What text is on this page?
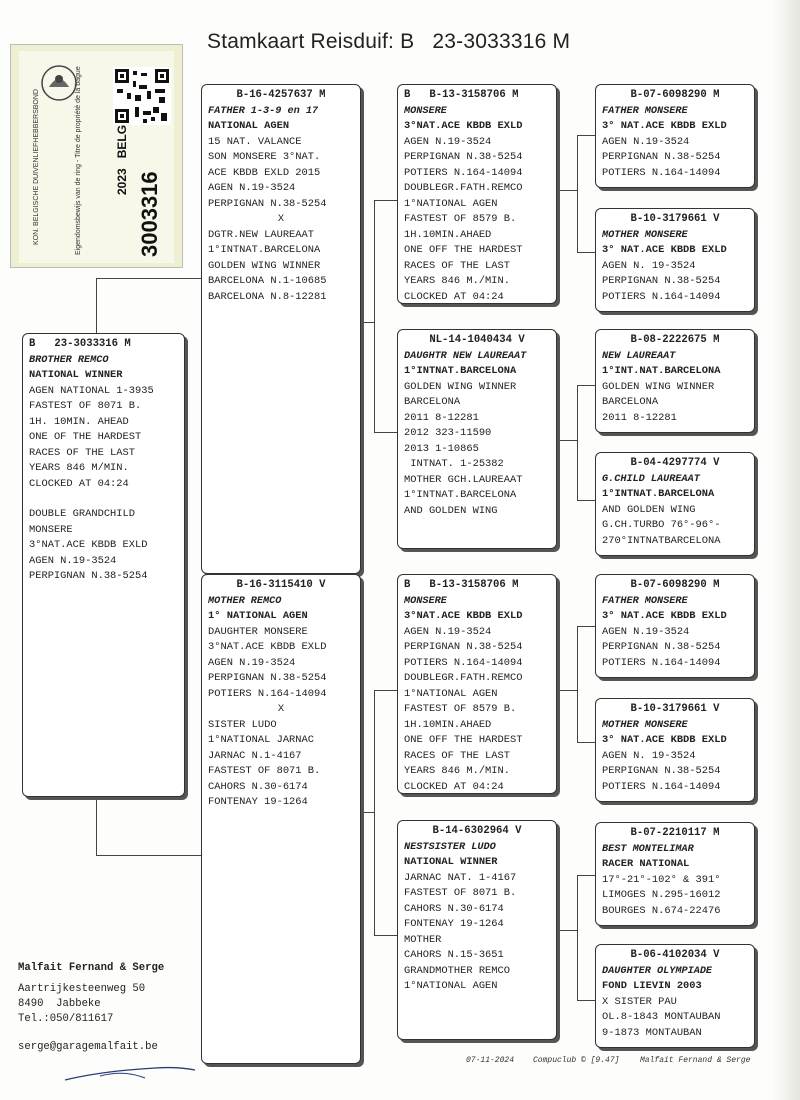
Stamkaart Reisduif: B   23-3033316 M
KON. BELGISCHE DUIVENLIEFHEBBERSBOND	Eigendomsbewijs van de ring - Titre de propriété de la bague	2023   BELG
3003316
B   23-3033316 M
BROTHER REMCO
NATIONAL WINNER
AGEN NATIONAL 1-3935
FASTEST OF 8071 B.
1H. 10MIN. AHEAD
ONE OF THE HARDEST
RACES OF THE LAST
YEARS 846 M/MIN.
CLOCKED AT 04:24
DOUBLE GRANDCHILD
MONSERE
3°NAT.ACE KBDB EXLD
AGEN N.19-3524
PERPIGNAN N.38-5254
B-16-4257637 M
FATHER 1-3-9 en 17
NATIONAL AGEN
15 NAT. VALANCE
SON MONSERE 3°NAT.
ACE KBDB EXLD 2015
AGEN N.19-3524
PERPIGNAN N.38-5254
X
DGTR.NEW LAUREAAT
1°INTNAT.BARCELONA
GOLDEN WING WINNER
BARCELONA N.1-10685
BARCELONA N.8-12281
B-16-3115410 V
MOTHER REMCO
1° NATIONAL AGEN
DAUGHTER MONSERE
3°NAT.ACE KBDB EXLD
AGEN N.19-3524
PERPIGNAN N.38-5254
POTIERS N.164-14094
X
SISTER LUDO
1°NATIONAL JARNAC
JARNAC N.1-4167
FASTEST OF 8071 B.
CAHORS N.30-6174
FONTENAY 19-1264
B   B-13-3158706 M
MONSERE
3°NAT.ACE KBDB EXLD
AGEN N.19-3524
PERPIGNAN N.38-5254
POTIERS N.164-14094
DOUBLEGR.FATH.REMCO
1°NATIONAL AGEN
FASTEST OF 8579 B.
1H.10MIN.AHAED
ONE OFF THE HARDEST
RACES OF THE LAST
YEARS 846 M./MIN.
CLOCKED AT 04:24
NL-14-1040434 V
DAUGHTR NEW LAUREAAT
1°INTNAT.BARCELONA
GOLDEN WING WINNER
BARCELONA
2011 8-12281
2012 323-11590
2013 1-10865
INTNAT. 1-25382
MOTHER GCH.LAUREAAT
1°INTNAT.BARCELONA
AND GOLDEN WING
B   B-13-3158706 M
MONSERE
3°NAT.ACE KBDB EXLD
AGEN N.19-3524
PERPIGNAN N.38-5254
POTIERS N.164-14094
DOUBLEGR.FATH.REMCO
1°NATIONAL AGEN
FASTEST OF 8579 B.
1H.10MIN.AHAED
ONE OFF THE HARDEST
RACES OF THE LAST
YEARS 846 M./MIN.
CLOCKED AT 04:24
B-14-6302964 V
NESTSISTER LUDO
NATIONAL WINNER
JARNAC NAT. 1-4167
FASTEST OF 8071 B.
CAHORS N.30-6174
FONTENAY 19-1264
MOTHER
CAHORS N.15-3651
GRANDMOTHER REMCO
1°NATIONAL AGEN
B-07-6098290 M
FATHER MONSERE
3° NAT.ACE KBDB EXLD
AGEN N.19-3524
PERPIGNAN N.38-5254
POTIERS N.164-14094
B-10-3179661 V
MOTHER MONSERE
3° NAT.ACE KBDB EXLD
AGEN N. 19-3524
PERPIGNAN N.38-5254
POTIERS N.164-14094
B-08-2222675 M
NEW LAUREAAT
1°INT.NAT.BARCELONA
GOLDEN WING WINNER
BARCELONA
2011 8-12281
B-04-4297774 V
G.CHILD LAUREAAT
1°INTNAT.BARCELONA
AND GOLDEN WING
G.CH.TURBO 76°-96°-
270°INTNATBARCELONA
B-07-6098290 M
FATHER MONSERE
3° NAT.ACE KBDB EXLD
AGEN N.19-3524
PERPIGNAN N.38-5254
POTIERS N.164-14094
B-10-3179661 V
MOTHER MONSERE
3° NAT.ACE KBDB EXLD
AGEN N. 19-3524
PERPIGNAN N.38-5254
POTIERS N.164-14094
B-07-2210117 M
BEST MONTELIMAR
RACER NATIONAL
17°-21°-102° & 391°
LIMOGES N.295-16012
BOURGES N.674-22476
B-06-4102034 V
DAUGHTER OLYMPIADE
FOND LIEVIN 2003
X SISTER PAU
OL.8-1843 MONTAUBAN
9-1873 MONTAUBAN
Malfait Fernand & Serge
Aartrijkesteenweg 50
8490  Jabbeke
Tel.:050/811617
serge@garagemalfait.be
07-11-2024 Compuclub © [9.47]	Malfait Fernand & Serge
